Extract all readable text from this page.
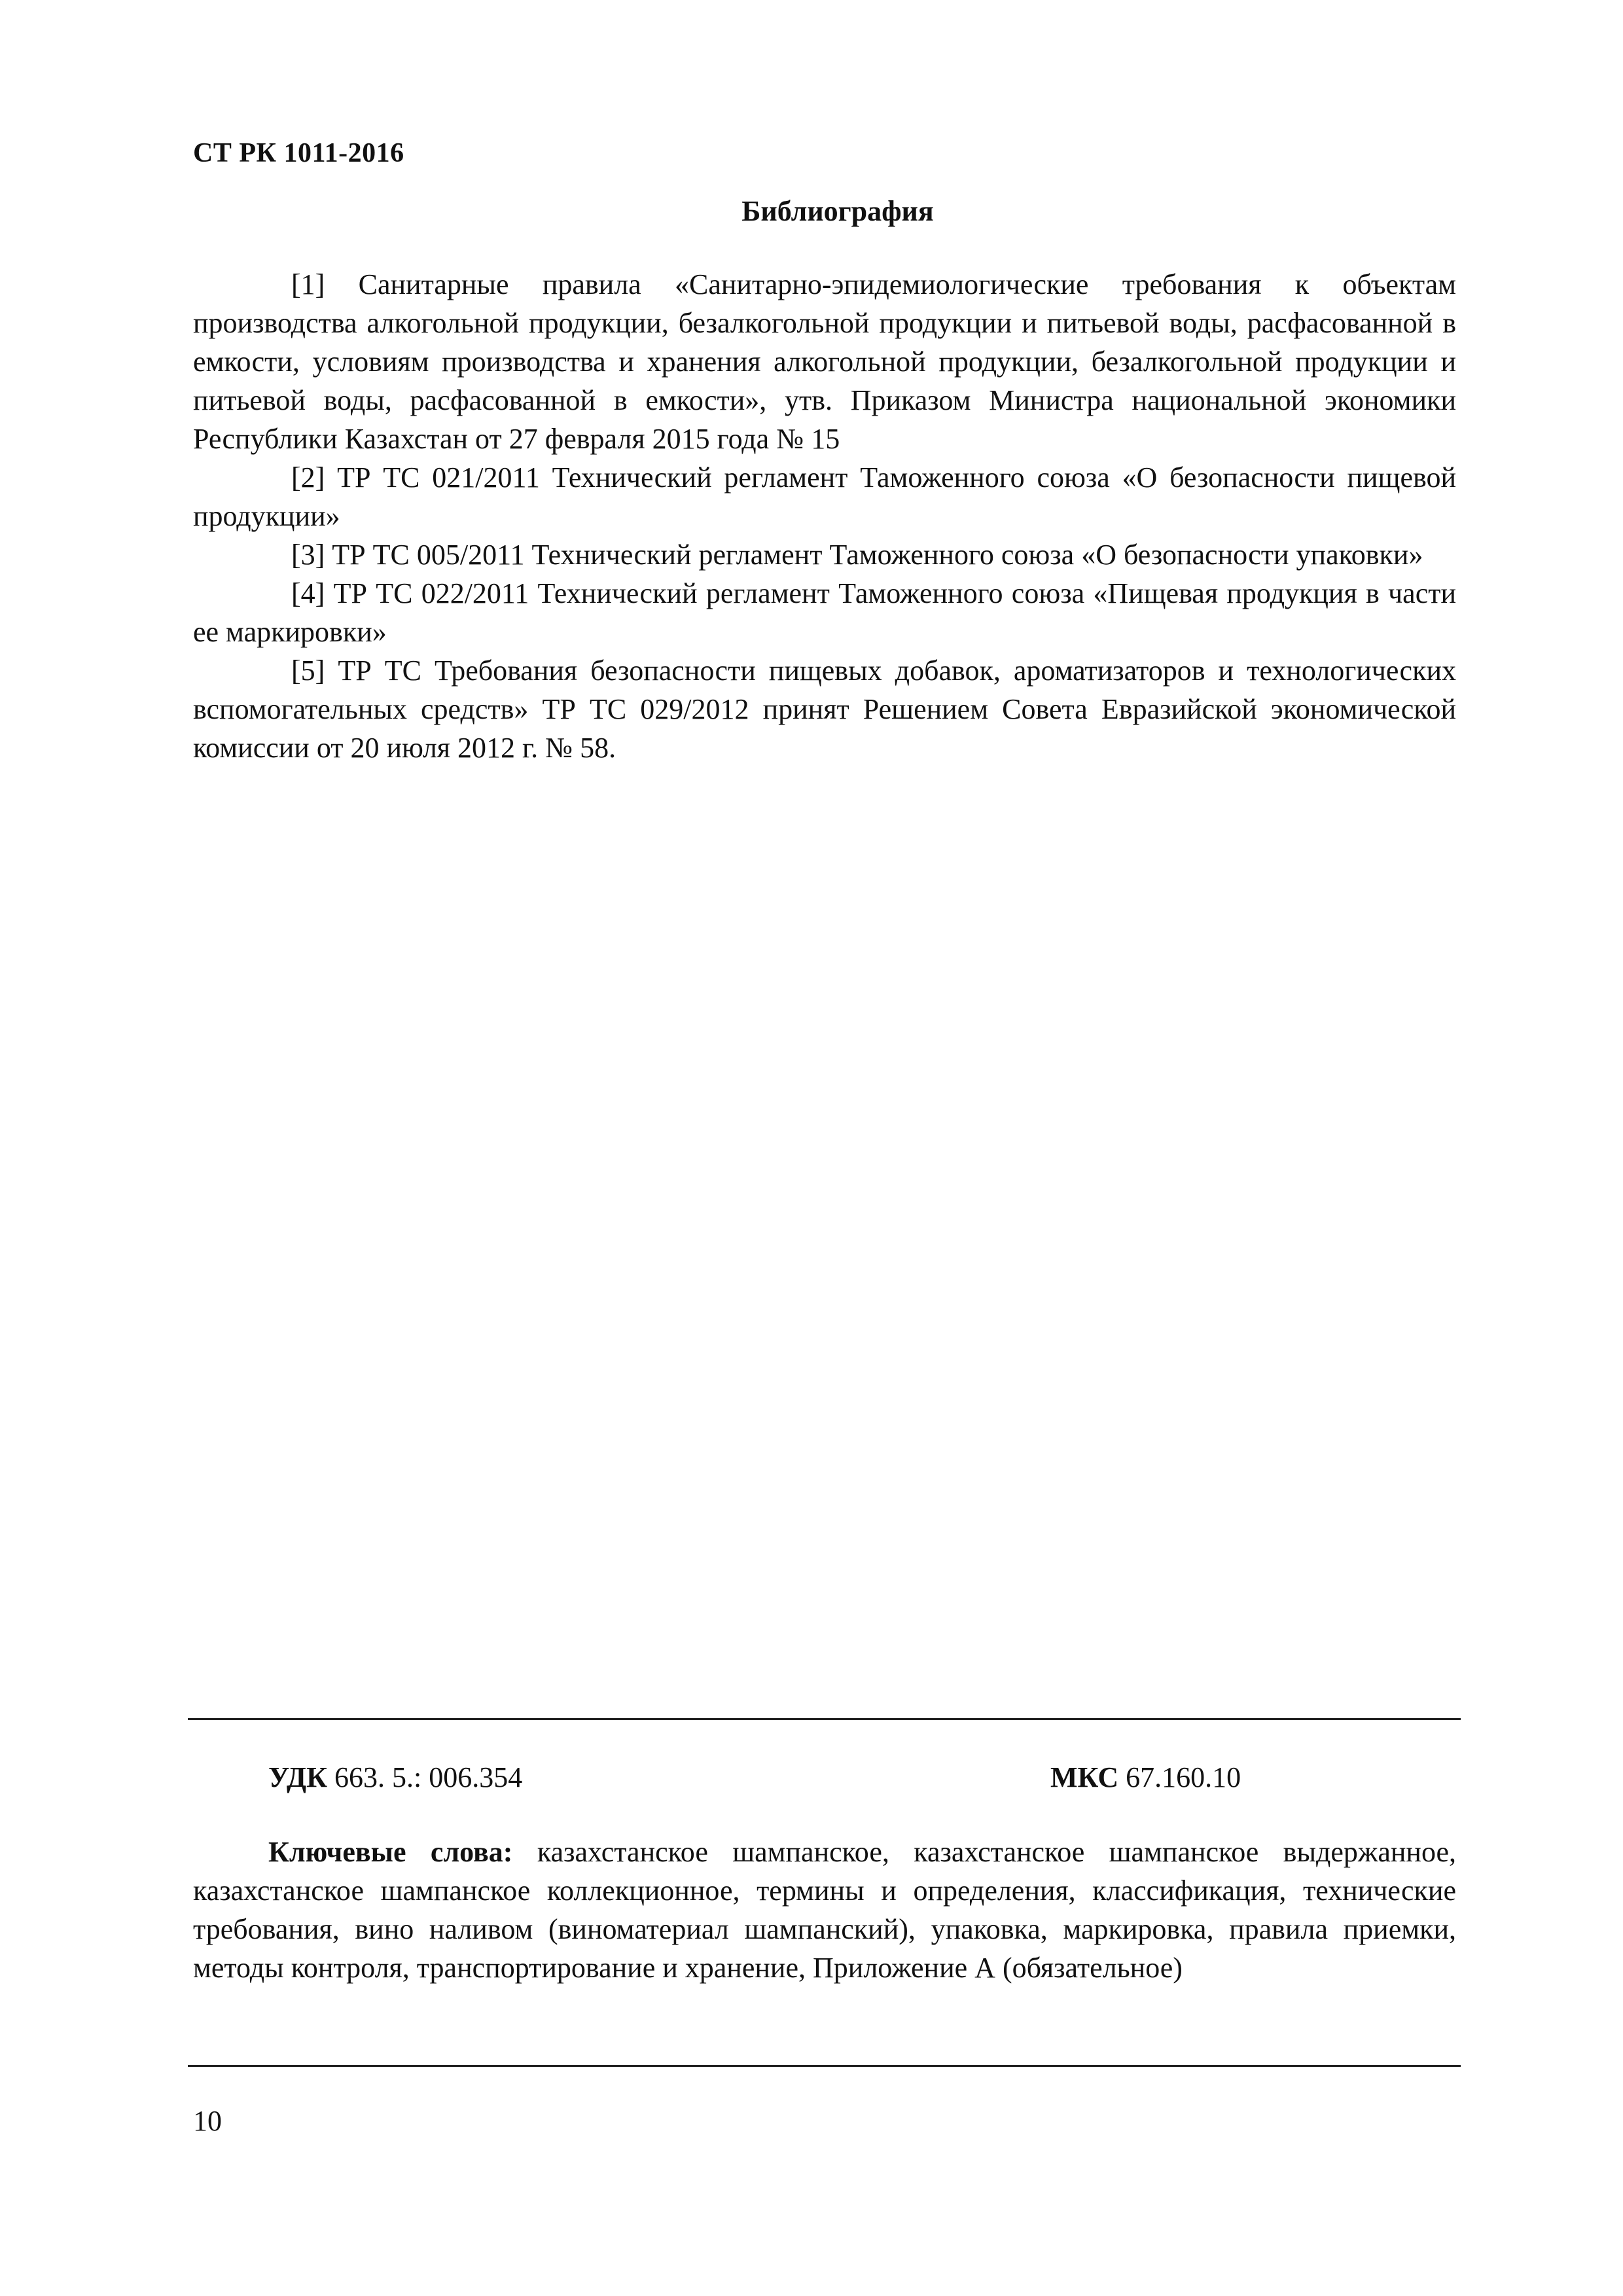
СТ РК 1011-2016
Библиография

[1] Санитарные правила «Санитарно-эпидемиологические требования к объектам производства алкогольной продукции, безалкогольной продукции и питьевой воды, расфасованной в емкости, условиям производства и хранения алкогольной продукции, безалкогольной продукции и питьевой воды, расфасованной в емкости», утв. Приказом Министра национальной экономики Республики Казахстан от 27 февраля 2015 года № 15

[2] ТР ТС 021/2011 Технический регламент Таможенного союза «О безопасности пищевой продукции»

[3] ТР ТС 005/2011 Технический регламент Таможенного союза «О безопасности упаковки»

[4] ТР ТС 022/2011 Технический регламент Таможенного союза «Пищевая продукция в части ее маркировки»

[5] ТР ТС Требования безопасности пищевых добавок, ароматизаторов и технологических вспомогательных средств» ТР ТС 029/2012 принят Решением Совета Евразийской экономической комиссии от 20 июля 2012 г. № 58.

УДК 663. 5.: 006.354	МКС 67.160.10

Ключевые слова: казахстанское шампанское, казахстанское шампанское выдержанное, казахстанское шампанское коллекционное, термины и определения, классификация, технические требования, вино наливом (виноматериал шампанский), упаковка, маркировка, правила приемки, методы контроля, транспортирование и хранение, Приложение А (обязательное)

10
